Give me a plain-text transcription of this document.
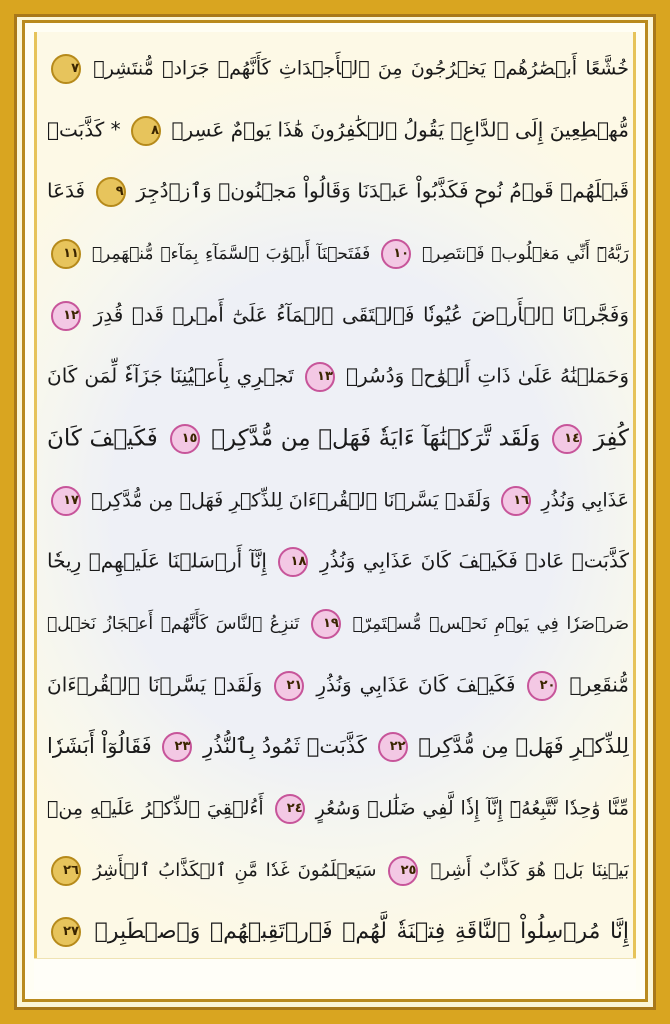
خُشَّعًا أَبۡصَٰرُهُمۡ يَخۡرُجُونَ مِنَ ٱلۡأَجۡدَاثِ كَأَنَّهُمۡ جَرَادٞ مُّنتَشِرٞ ٧
مُّهۡطِعِينَ إِلَى ٱلدَّاعِۖ يَقُولُ ٱلۡكَٰفِرُونَ هَٰذَا يَوۡمٌ عَسِرٞ ٨ * كَذَّبَتۡ
قَبۡلَهُمۡ قَوۡمُ نُوحٖ فَكَذَّبُواْ عَبۡدَنَا وَقَالُواْ مَجۡنُونٞ وَٱزۡدُجِرَ ٩ فَدَعَا
رَبَّهُۥٓ أَنِّي مَغۡلُوبٞ فَٱنتَصِرۡ ١٠ فَفَتَحۡنَآ أَبۡوَٰبَ ٱلسَّمَآءِ بِمَآءٖ مُّنۡهَمِرٖ ١١
وَفَجَّرۡنَا ٱلۡأَرۡضَ عُيُونٗا فَٱلۡتَقَى ٱلۡمَآءُ عَلَىٰٓ أَمۡرٖ قَدۡ قُدِرَ ١٢
وَحَمَلۡنَٰهُ عَلَىٰ ذَاتِ أَلۡوَٰحٖ وَدُسُرٖ ١٣ تَجۡرِي بِأَعۡيُنِنَا جَزَآءٗ لِّمَن كَانَ
كُفِرَ ١٤ وَلَقَد تَّرَكۡنَٰهَآ ءَايَةٗ فَهَلۡ مِن مُّدَّكِرٖ ١٥ فَكَيۡفَ كَانَ
عَذَابِي وَنُذُرِ ١٦ وَلَقَدۡ يَسَّرۡنَا ٱلۡقُرۡءَانَ لِلذِّكۡرِ فَهَلۡ مِن مُّدَّكِرٖ ١٧
كَذَّبَتۡ عَادٞ فَكَيۡفَ كَانَ عَذَابِي وَنُذُرِ ١٨ إِنَّآ أَرۡسَلۡنَا عَلَيۡهِمۡ رِيحٗا
صَرۡصَرٗا فِي يَوۡمِ نَحۡسٖ مُّسۡتَمِرّٖ ١٩ تَنزِعُ ٱلنَّاسَ كَأَنَّهُمۡ أَعۡجَازُ نَخۡلٖ
مُّنقَعِرٖ ٢٠ فَكَيۡفَ كَانَ عَذَابِي وَنُذُرِ ٢١ وَلَقَدۡ يَسَّرۡنَا ٱلۡقُرۡءَانَ
لِلذِّكۡرِ فَهَلۡ مِن مُّدَّكِرٖ ٢٢ كَذَّبَتۡ ثَمُودُ بِٱلنُّذُرِ ٢٣ فَقَالُوٓاْ أَبَشَرٗا
مِّنَّا وَٰحِدٗا نَّتَّبِعُهُۥٓ إِنَّآ إِذٗا لَّفِي ضَلَٰلٖ وَسُعُرٍ ٢٤ أَءُلۡقِيَ ٱلذِّكۡرُ عَلَيۡهِ مِنۢ
بَيۡنِنَا بَلۡ هُوَ كَذَّابٌ أَشِرٞ ٢٥ سَيَعۡلَمُونَ غَدٗا مَّنِ ٱلۡكَذَّابُ ٱلۡأَشِرُ ٢٦
إِنَّا مُرۡسِلُواْ ٱلنَّاقَةِ فِتۡنَةٗ لَّهُمۡ فَٱرۡتَقِبۡهُمۡ وَٱصۡطَبِرۡ ٢٧
